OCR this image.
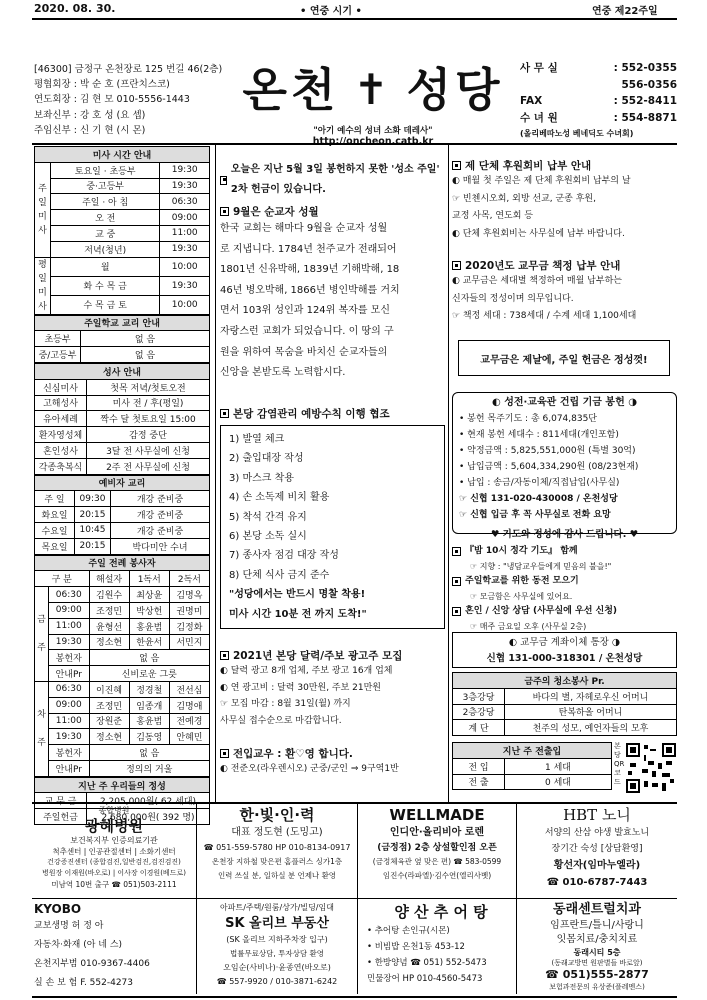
2020. 08. 30.	• 연중 시기 •	연중 제22주일
[46300] 금정구 온천장로 125 번길 46(2층)
평협회장 : 박 순 호 (프란치스코)
연도회장 : 김 현 모 010-5556-1443
보좌신부 : 강 호 성 (요 셉)
주임신부 : 신 기 현 (시 몬)
온천 ✝ 성당
"아기 예수의 성녀 소화 데레사"
http://oncheon.catb.kr
사 무 실	: 552-0355
556-0356
FAX	: 552-8411
수 녀 원	: 554-8871
(올리베따노성 베네딕도 수녀회)
미사 시간 안내		
주일미사	토요일 · 초등부	19:30
	중·고등부	19:30
	주일 · 아 침	06:30
	오 전	09:00
	교 중	11:00
	저녁(청년)	19:30
평일미사	월	10:00
	화 수 목 금	19:30
	수 목 금 토	10:00
주일학교 교리 안내	
초등부	없 음
중/고등부	없 음
성사 안내	
신심미사	첫목 저녁/첫토오전
고해성사	미사 전 / 후(평일)
유아세례	짝수 달 첫토요일 15:00
환자영성체	감정 중단
혼인성사	3달 전 사무실에 신청
각종축복식	2주 전 사무실에 신청
예비자 교리		
주 일	09:30	개강 준비중
화요일	20:15	개강 준비중
수요일	10:45	개강 준비중
목요일	20:15	박다미안 수녀
주일 전례 봉사자				
구 분		해설자	1독서	2독서
금주	06:30	김원수	최상윤	김명옥
	09:00	조정민	박상헌	권명미
	11:00	윤형선	홍윤범	김정화
	19:30	정소현	한윤서	서민지
	봉헌자	없 음		
	안내Pr	신비로운 그릇		
차주	06:30	이진혜	정경철	전선심
	09:00	조정민	임종개	김명애
	11:00	장원준	홍윤범	전예경
	19:30	정소현	김동영	안혜민
	봉헌자	없 음		
	안내Pr	정의의 거울		
지난 주 우리들의 정성	
교 무 금	2,205,000원( 62 세대)
주일헌금	2,680,000원( 392 명)
오늘은 지난 5월 3일 봉헌하지 못한 '성소 주일' 2차 헌금이 있습니다.
9월은 순교자 성월
한국 교회는 해마다 9월을 순교자 성월
로 지냅니다. 1784년 천주교가 전래되어
1801년 신유박해, 1839년 기해박해, 18
46년 병오박해, 1866년 병인박해를 거치
면서 103위 성인과 124위 복자를 모신
자랑스런 교회가 되었습니다. 이 땅의 구
원을 위하여 목숨을 바치신 순교자들의
신앙을 본받도록 노력합시다.
본당 감염관리 예방수칙 이행 협조
1) 발열 체크
2) 출입대장 작성
3) 마스크 착용
4) 손 소독제 비치 활용
5) 착석 간격 유지
6) 본당 소독 실시
7) 종사자 점검 대장 작성
8) 단체 식사 금지 준수
"성당에서는 반드시 명찰 착용!
미사 시간 10분 전 까지 도착!"
2021년 본당 달력/주보 광고주 모집
◐ 달력 광고 8개 업체, 주보 광고 16개 업체
◐ 연 광고비 : 달력 30만원, 주보 21만원
☞ 모집 마감 : 8월 31일(월) 까지
사무실 접수순으로 마감합니다.
전입교우 : 환♡영 합니다.
◐ 전준오(라우렌시오) 군중/군인 ⇒ 9구역1반
제 단체 후원회비 납부 안내
◐ 매월 첫 주일은 제 단체 후원회비 납부의 날
☞ 빈첸시오회, 외방 선교, 군종 후원,
교정 사목, 연도회 등
◐ 단체 후원회비는 사무실에 납부 바랍니다.
2020년도 교무금 책정 납부 안내
◐ 교무금은 세대별 책정하여 매월 납부하는
신자들의 정성이며 의무입니다.
☞ 책정 세대 : 738세대 / 수계 세대 1,100세대
교무금은 제날에, 주일 헌금은 정성껏!
◐ 성전·교육관 건립 기금 봉헌 ◑
• 봉헌 목주기도 : 총 6,074,835단
• 현재 봉헌 세대수 : 811세대(개인포함)
• 약정금액 : 5,825,551,000원 (특별 30억)
• 납입금액 : 5,604,334,290원 (08/23현재)
• 납입 : 송금/자동이체/직접납입(사무실)
☞ 신협 131-020-430008 / 온천성당
☞ 신협 입금 후 꼭 사무실로 전화 요망
♥ 기도와 정성에 감사 드립니다. ♥
『밤 10시 정각 기도』 함께
☞ 지향 : "냉담교우들에게 믿음의 불을!"
주일학교를 위한 동전 모으기
☞ 모금함은 사무실에 있어요.
혼인 / 신앙 상담 (사무실에 우선 신청)
☞ 매주 금요일 오후 (사무실 2층)
◐ 교무금 계좌이체 통장 ◑
신협 131-000-318301 / 온천성당
금주의 청소봉사 Pr.	
3층강당	바다의 별, 자헤로우신 어머니
2층강당	탄복하올 어머니
계 단	천주의 성모, 예언자들의 모후
지난 주 전출입	
전 입	1 세대
전 출	0 세대
본당 QR 코드
종합병원
광혜병원
보건복지부 인증의료기관
척추센터 | 인공관절센터 | 소화기센터
건강증진센터 (종합검진,일반검진,검진검진)
병원장 이재원(바오로) | 이사장 이경원(베드로)
미남역 10번 출구 ☎ 051)503-2111
한·빛·인·력
대표 정도현 (도밍고)
☎ 051-559-5780 HP 010-8134-0917
온천장 지하철 맞은편 홈플러스 싱가1층
인력 쓰실 분, 일하실 분 언제나 환영
WELLMADE
인디안·올리비아 로렌
(금정점) 2층 상설할인점 오픈
(금정체육관 옆 맞은 편) ☎ 583-0599
임진수(라파엘)·김수연(엘리사벳)
HBT 노니
서양의 산삼 야생 발효노니
장기간 숙성 [상담환영]
황선자(임마누엘라)
☎ 010-6787-7443
KYOBO
교보생명 허 정 아
자동차·화재 (아 네 스)
온천지부범 010-9367-4406
실 손 보 험 F. 552-4273
아파트/주택/원룸/상가/빌딩/임대
SK 올리브 부동산
(SK 올리브 지하주차장 입구)
법률무료상담, 투자상담 환영
오임순(사비나)·윤종연(바오로)
☎ 557-9920 / 010-3871-6242
양 산 추 어 탕
• 추어탕 손인규(시몬)
• 비빔밥 온천1동 453-12
• 한방양념 ☎ 051) 552-5473
민물장어 HP 010-4560-5473
동래센트럴치과
임프란트/틀니/사랑니
잇몸치료/충치치료
동래시티 5층
(동래교방면 원판별들 바로앞)
☎ 051)555-2877
보험과전문의 유상준(플레멘스)
